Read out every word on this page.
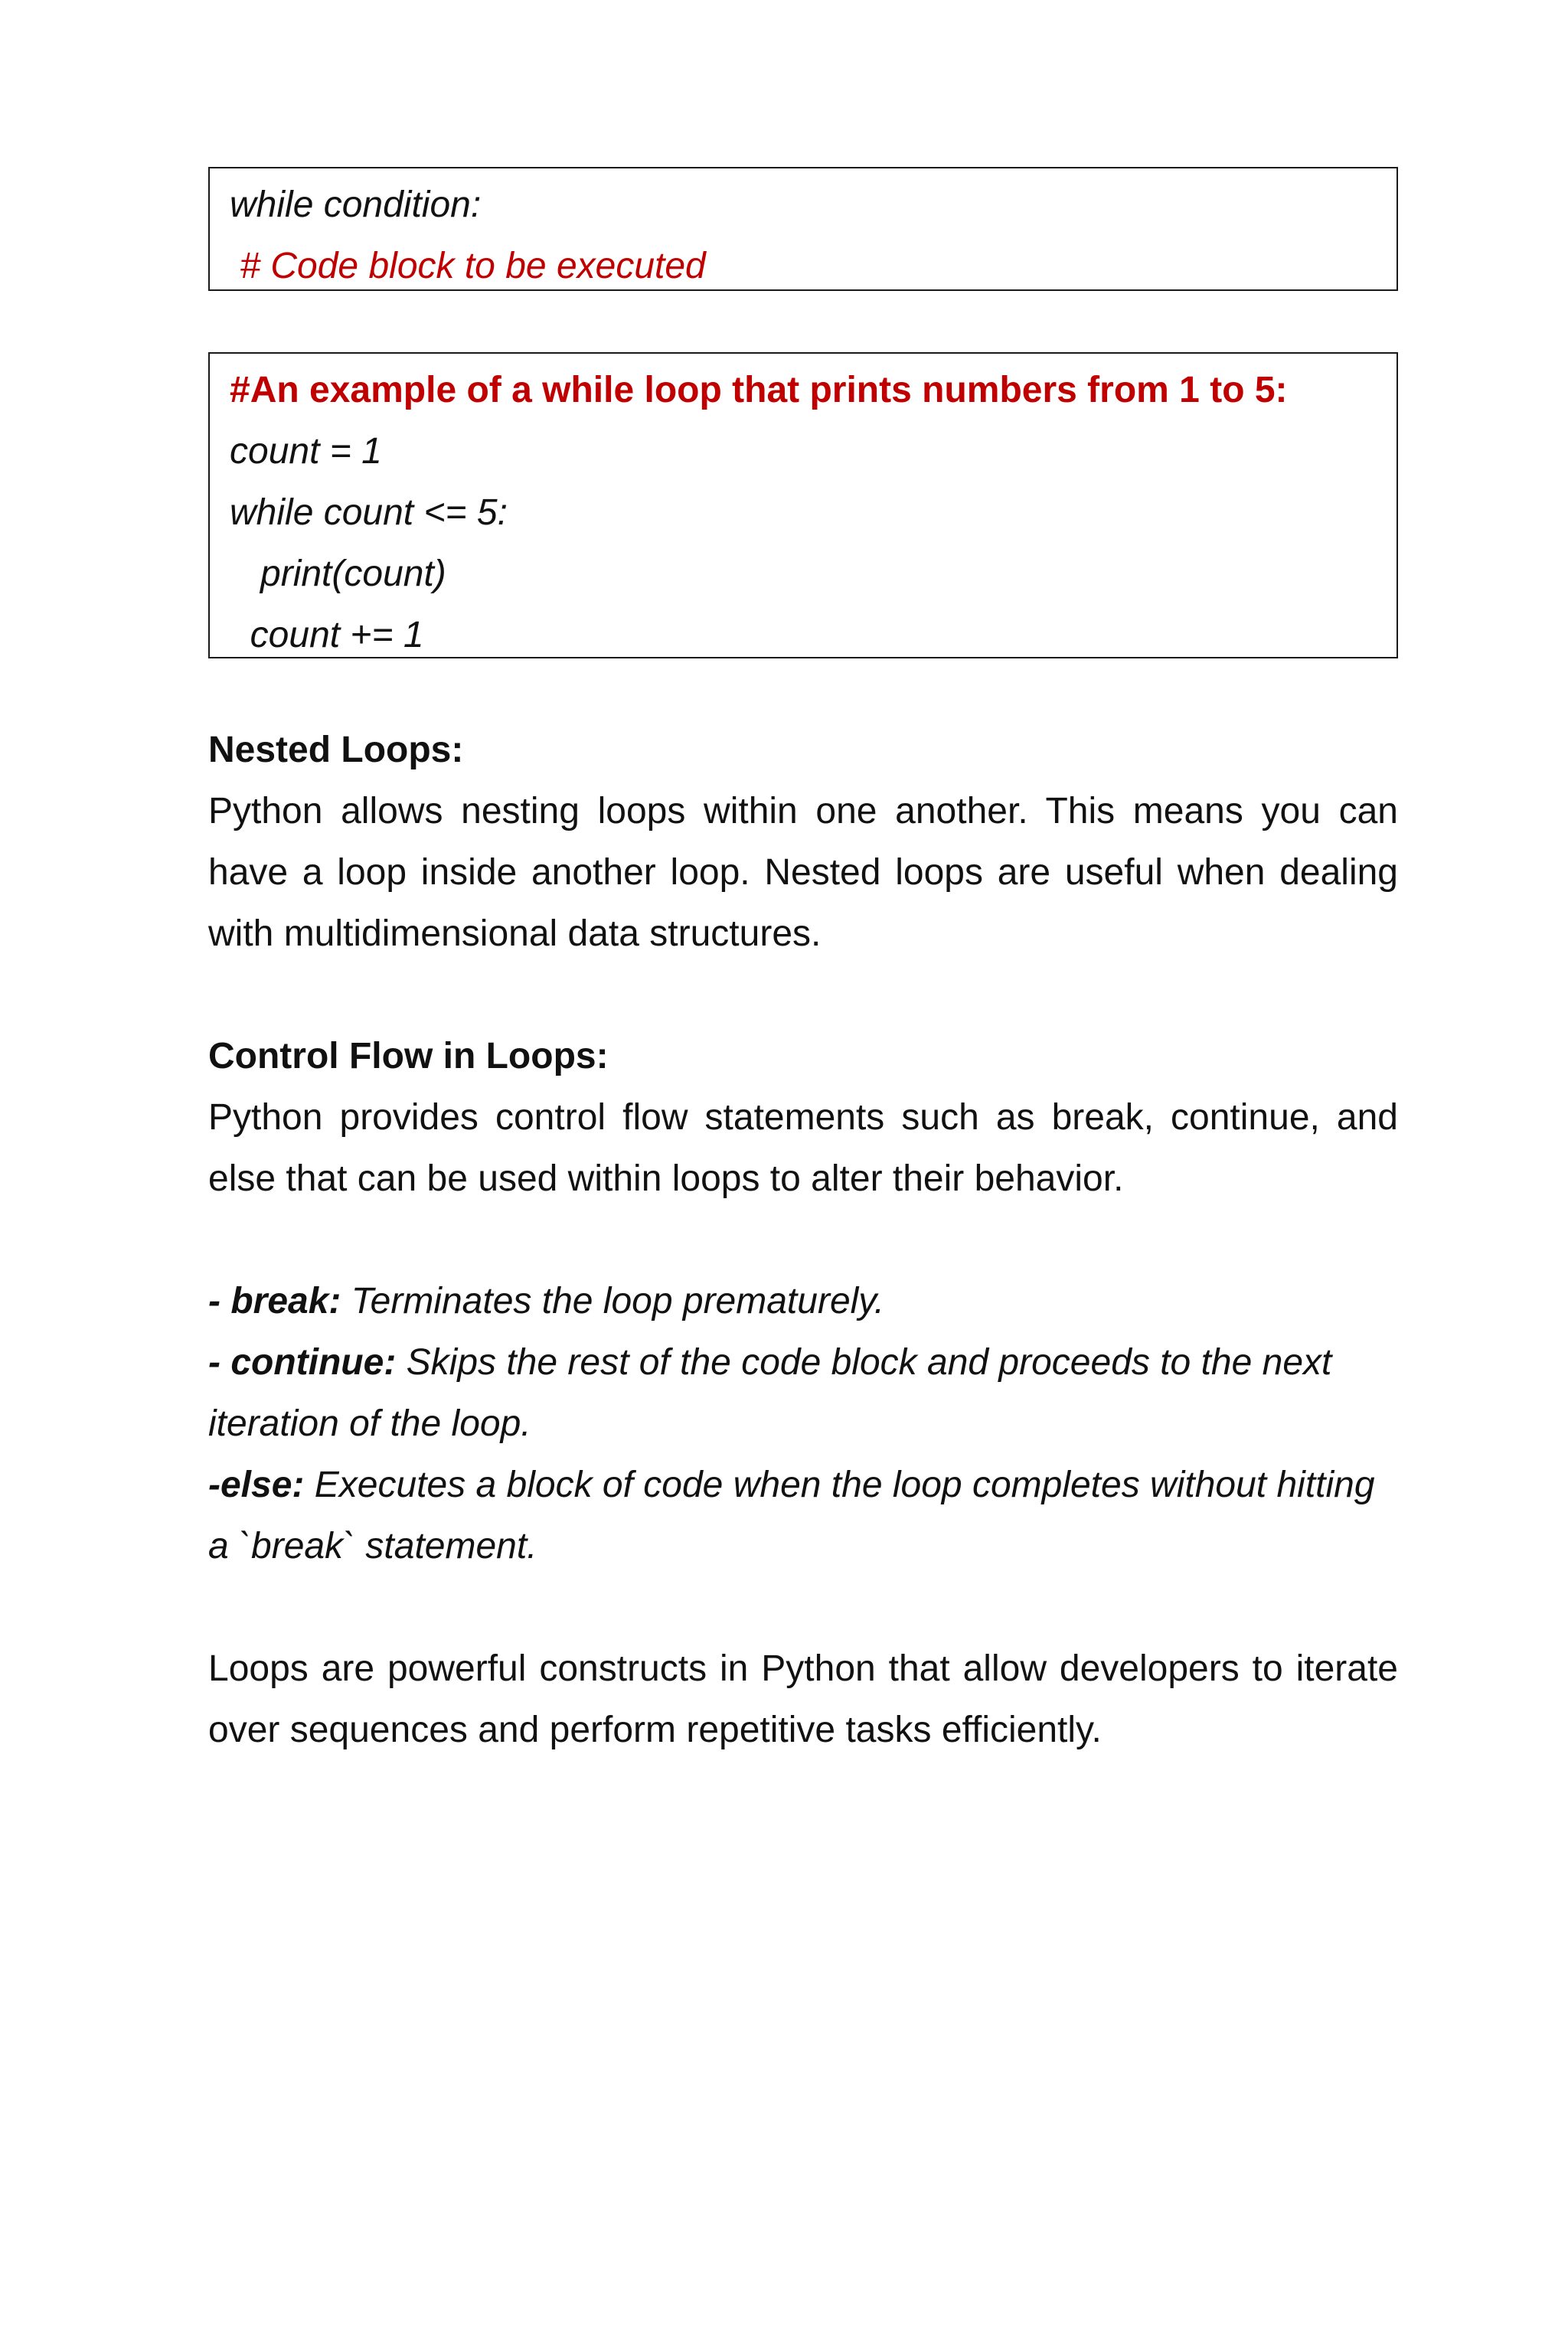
while condition:
# Code block to be executed
#An example of a while loop that prints numbers from 1 to 5:
count = 1
while count <= 5:
print(count)
count += 1

Nested Loops:

Python allows nesting loops within one another. This means you can have a loop inside another loop. Nested loops are useful when dealing with multidimensional data structures.

Control Flow in Loops:

Python provides control flow statements such as break, continue, and else that can be used within loops to alter their behavior.

- break: Terminates the loop prematurely.

- continue: Skips the rest of the code block and proceeds to the next iteration of the loop.

-else: Executes a block of code when the loop completes without hitting a `break` statement.

Loops are powerful constructs in Python that allow developers to iterate over sequences and perform repetitive tasks efficiently.
